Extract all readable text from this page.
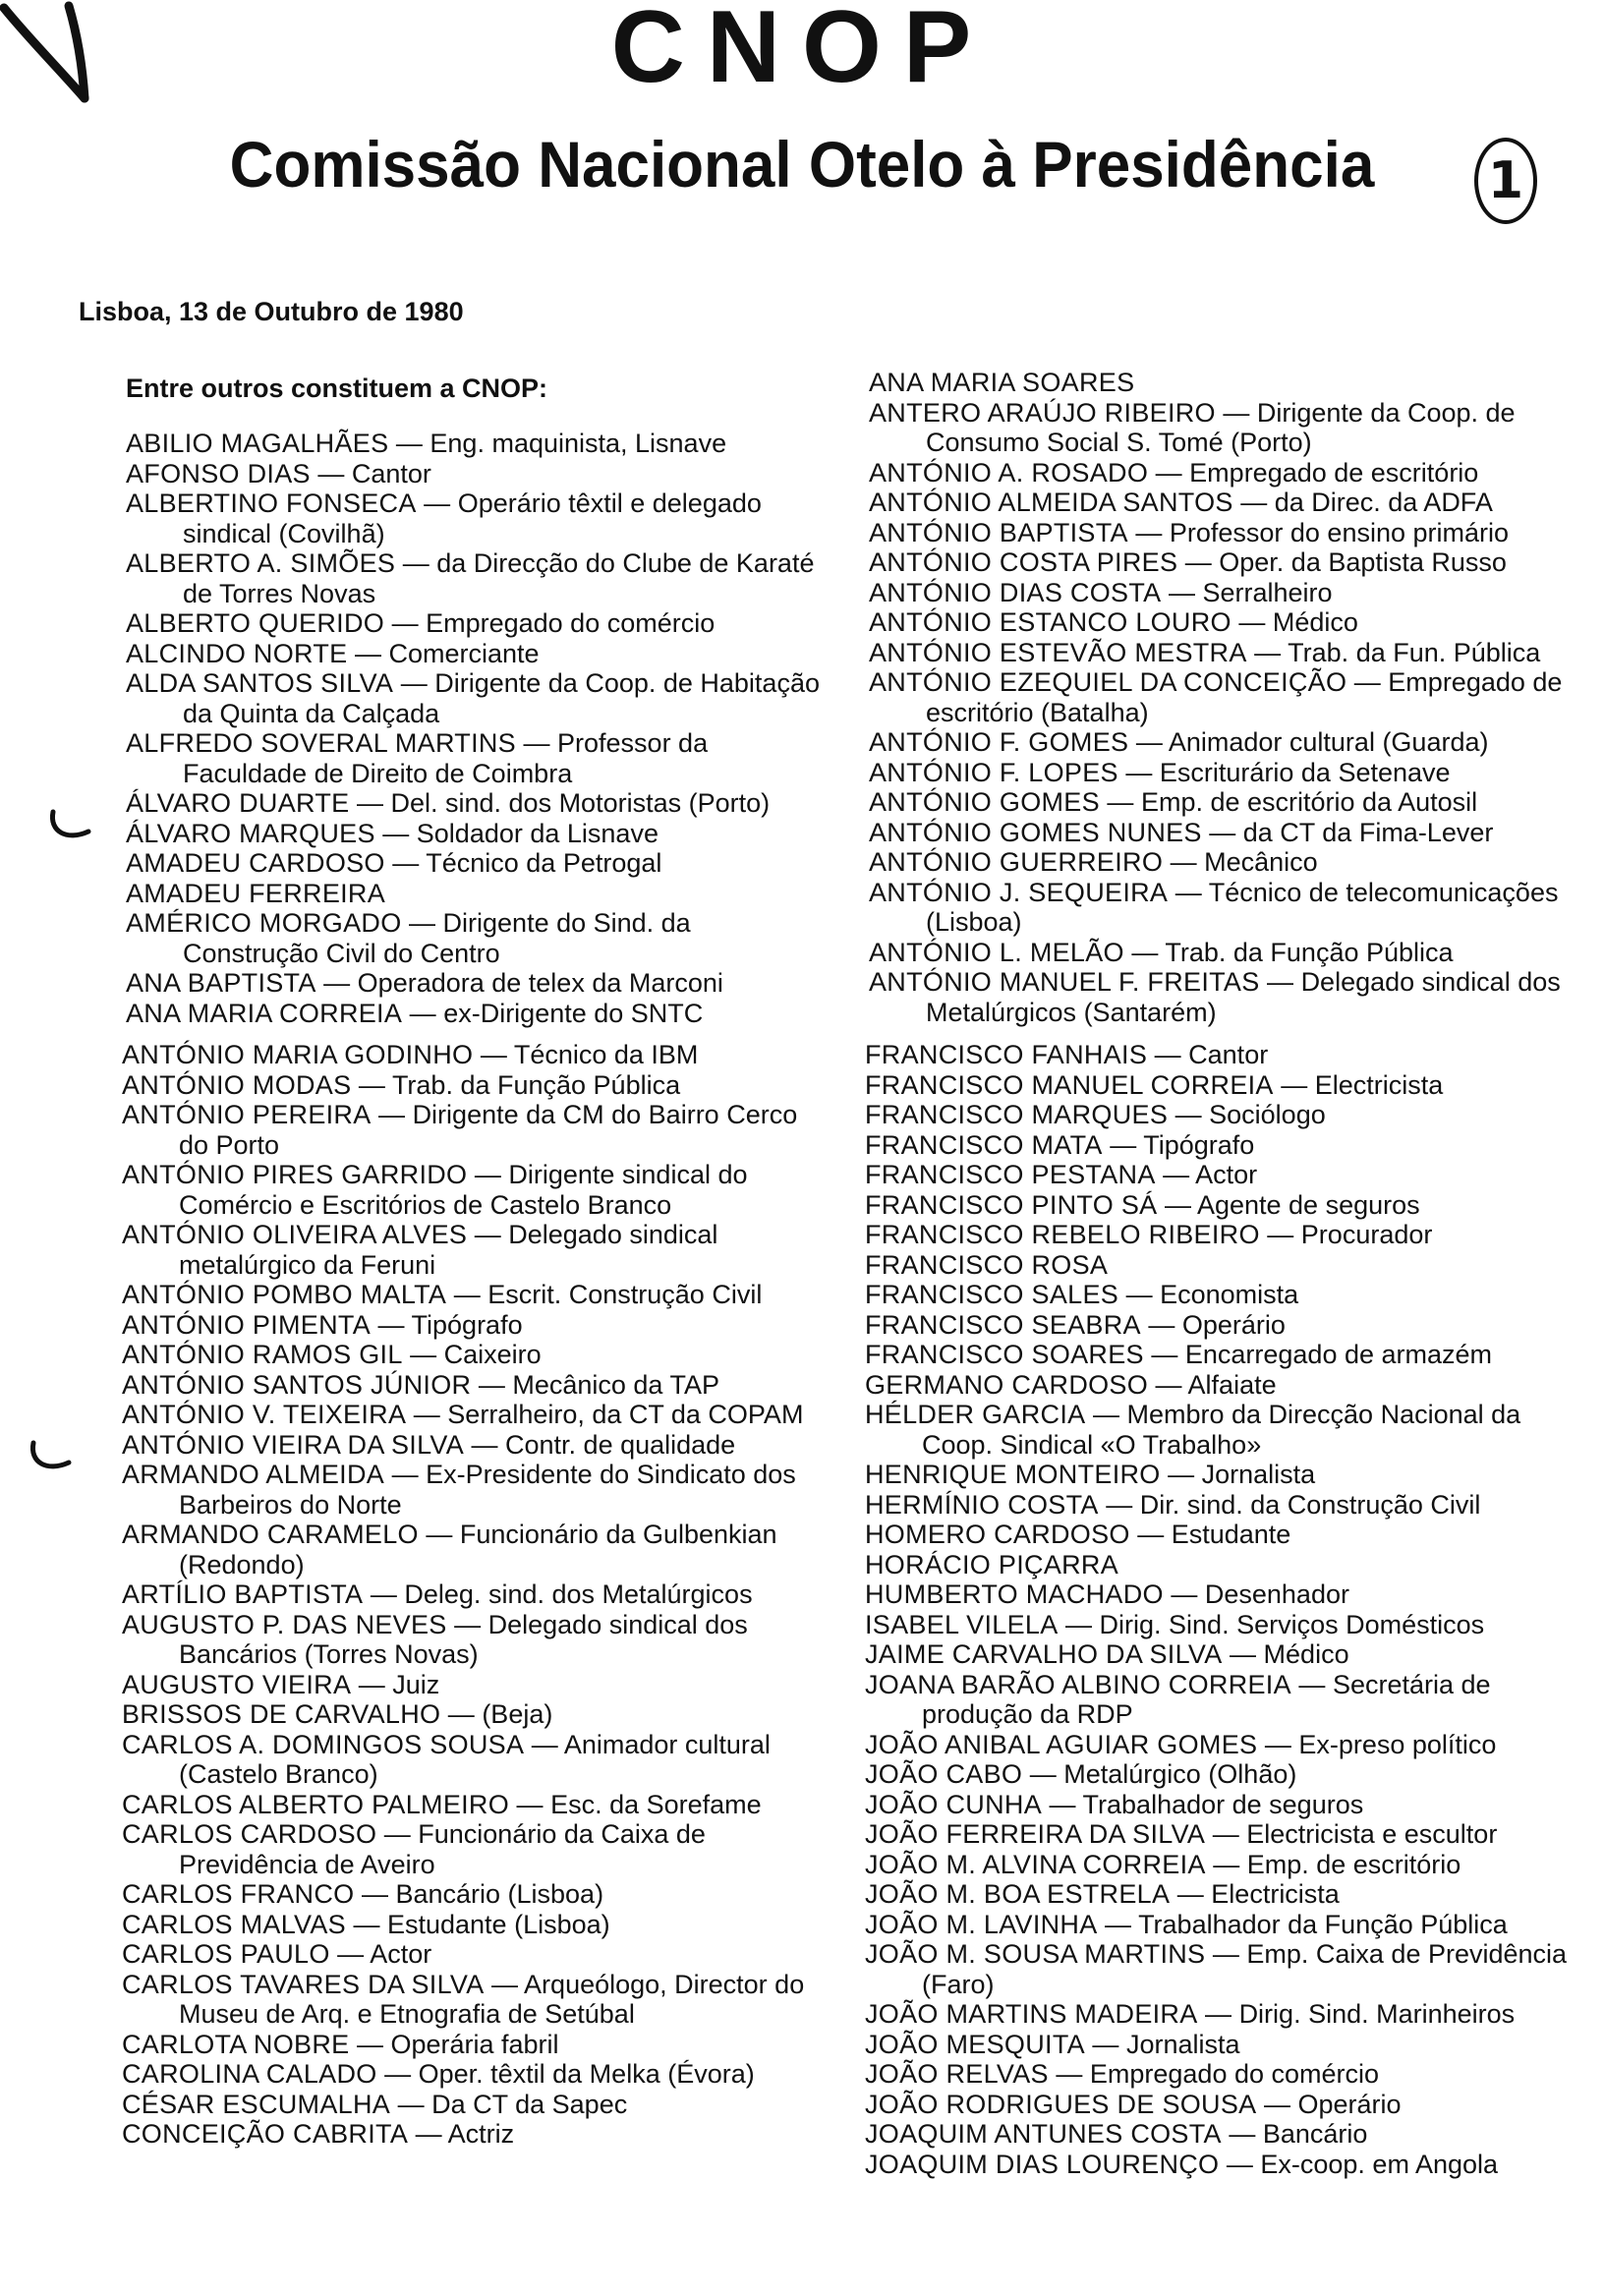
CNOP
Comissão Nacional Otelo à Presidência	1
Lisboa, 13 de Outubro de 1980
Entre outros constituem a CNOP:
ABILIO MAGALHÃES — Eng. maquinista, Lisnave
AFONSO DIAS — Cantor
ALBERTINO FONSECA — Operário têxtil e delegado sindical (Covilhã)
ALBERTO A. SIMÕES — da Direcção do Clube de Karaté de Torres Novas
ALBERTO QUERIDO — Empregado do comércio
ALCINDO NORTE — Comerciante
ALDA SANTOS SILVA — Dirigente da Coop. de Habitação da Quinta da Calçada
ALFREDO SOVERAL MARTINS — Professor da Faculdade de Direito de Coimbra
ÁLVARO DUARTE — Del. sind. dos Motoristas (Porto)
ÁLVARO MARQUES — Soldador da Lisnave
AMADEU CARDOSO — Técnico da Petrogal
AMADEU FERREIRA
AMÉRICO MORGADO — Dirigente do Sind. da Construção Civil do Centro
ANA BAPTISTA — Operadora de telex da Marconi
ANA MARIA CORREIA — ex-Dirigente do SNTC
ANA MARIA SOARES
ANTERO ARAÚJO RIBEIRO — Dirigente da Coop. de Consumo Social S. Tomé (Porto)
ANTÓNIO A. ROSADO — Empregado de escritório
ANTÓNIO ALMEIDA SANTOS — da Direc. da ADFA
ANTÓNIO BAPTISTA — Professor do ensino primário
ANTÓNIO COSTA PIRES — Oper. da Baptista Russo
ANTÓNIO DIAS COSTA — Serralheiro
ANTÓNIO ESTANCO LOURO — Médico
ANTÓNIO ESTEVÃO MESTRA — Trab. da Fun. Pública
ANTÓNIO EZEQUIEL DA CONCEIÇÃO — Empregado de escritório (Batalha)
ANTÓNIO F. GOMES — Animador cultural (Guarda)
ANTÓNIO F. LOPES — Escriturário da Setenave
ANTÓNIO GOMES — Emp. de escritório da Autosil
ANTÓNIO GOMES NUNES — da CT da Fima-Lever
ANTÓNIO GUERREIRO — Mecânico
ANTÓNIO J. SEQUEIRA — Técnico de telecomunicações (Lisboa)
ANTÓNIO L. MELÃO — Trab. da Função Pública
ANTÓNIO MANUEL F. FREITAS — Delegado sindical dos Metalúrgicos (Santarém)
ANTÓNIO MARIA GODINHO — Técnico da IBM
ANTÓNIO MODAS — Trab. da Função Pública
ANTÓNIO PEREIRA — Dirigente da CM do Bairro Cerco do Porto
ANTÓNIO PIRES GARRIDO — Dirigente sindical do Comércio e Escritórios de Castelo Branco
ANTÓNIO OLIVEIRA ALVES — Delegado sindical metalúrgico da Feruni
ANTÓNIO POMBO MALTA — Escrit. Construção Civil
ANTÓNIO PIMENTA — Tipógrafo
ANTÓNIO RAMOS GIL — Caixeiro
ANTÓNIO SANTOS JÚNIOR — Mecânico da TAP
ANTÓNIO V. TEIXEIRA — Serralheiro, da CT da COPAM
ANTÓNIO VIEIRA DA SILVA — Contr. de qualidade
ARMANDO ALMEIDA — Ex-Presidente do Sindicato dos Barbeiros do Norte
ARMANDO CARAMELO — Funcionário da Gulbenkian (Redondo)
ARTÍLIO BAPTISTA — Deleg. sind. dos Metalúrgicos
AUGUSTO P. DAS NEVES — Delegado sindical dos Bancários (Torres Novas)
AUGUSTO VIEIRA — Juiz
BRISSOS DE CARVALHO — (Beja)
CARLOS A. DOMINGOS SOUSA — Animador cultural (Castelo Branco)
CARLOS ALBERTO PALMEIRO — Esc. da Sorefame
CARLOS CARDOSO — Funcionário da Caixa de Previdência de Aveiro
CARLOS FRANCO — Bancário (Lisboa)
CARLOS MALVAS — Estudante (Lisboa)
CARLOS PAULO — Actor
CARLOS TAVARES DA SILVA — Arqueólogo, Director do Museu de Arq. e Etnografia de Setúbal
CARLOTA NOBRE — Operária fabril
CAROLINA CALADO — Oper. têxtil da Melka (Évora)
CÉSAR ESCUMALHA — Da CT da Sapec
CONCEIÇÃO CABRITA — Actriz
FRANCISCO FANHAIS — Cantor
FRANCISCO MANUEL CORREIA — Electricista
FRANCISCO MARQUES — Sociólogo
FRANCISCO MATA — Tipógrafo
FRANCISCO PESTANA — Actor
FRANCISCO PINTO SÁ — Agente de seguros
FRANCISCO REBELO RIBEIRO — Procurador
FRANCISCO ROSA
FRANCISCO SALES — Economista
FRANCISCO SEABRA — Operário
FRANCISCO SOARES — Encarregado de armazém
GERMANO CARDOSO — Alfaiate
HÉLDER GARCIA — Membro da Direcção Nacional da Coop. Sindical «O Trabalho»
HENRIQUE MONTEIRO — Jornalista
HERMÍNIO COSTA — Dir. sind. da Construção Civil
HOMERO CARDOSO — Estudante
HORÁCIO PIÇARRA
HUMBERTO MACHADO — Desenhador
ISABEL VILELA — Dirig. Sind. Serviços Domésticos
JAIME CARVALHO DA SILVA — Médico
JOANA BARÃO ALBINO CORREIA — Secretária de produção da RDP
JOÃO ANIBAL AGUIAR GOMES — Ex-preso político
JOÃO CABO — Metalúrgico (Olhão)
JOÃO CUNHA — Trabalhador de seguros
JOÃO FERREIRA DA SILVA — Electricista e escultor
JOÃO M. ALVINA CORREIA — Emp. de escritório
JOÃO M. BOA ESTRELA — Electricista
JOÃO M. LAVINHA — Trabalhador da Função Pública
JOÃO M. SOUSA MARTINS — Emp. Caixa de Previdência (Faro)
JOÃO MARTINS MADEIRA — Dirig. Sind. Marinheiros
JOÃO MESQUITA — Jornalista
JOÃO RELVAS — Empregado do comércio
JOÃO RODRIGUES DE SOUSA — Operário
JOAQUIM ANTUNES COSTA — Bancário
JOAQUIM DIAS LOURENÇO — Ex-coop. em Angola
